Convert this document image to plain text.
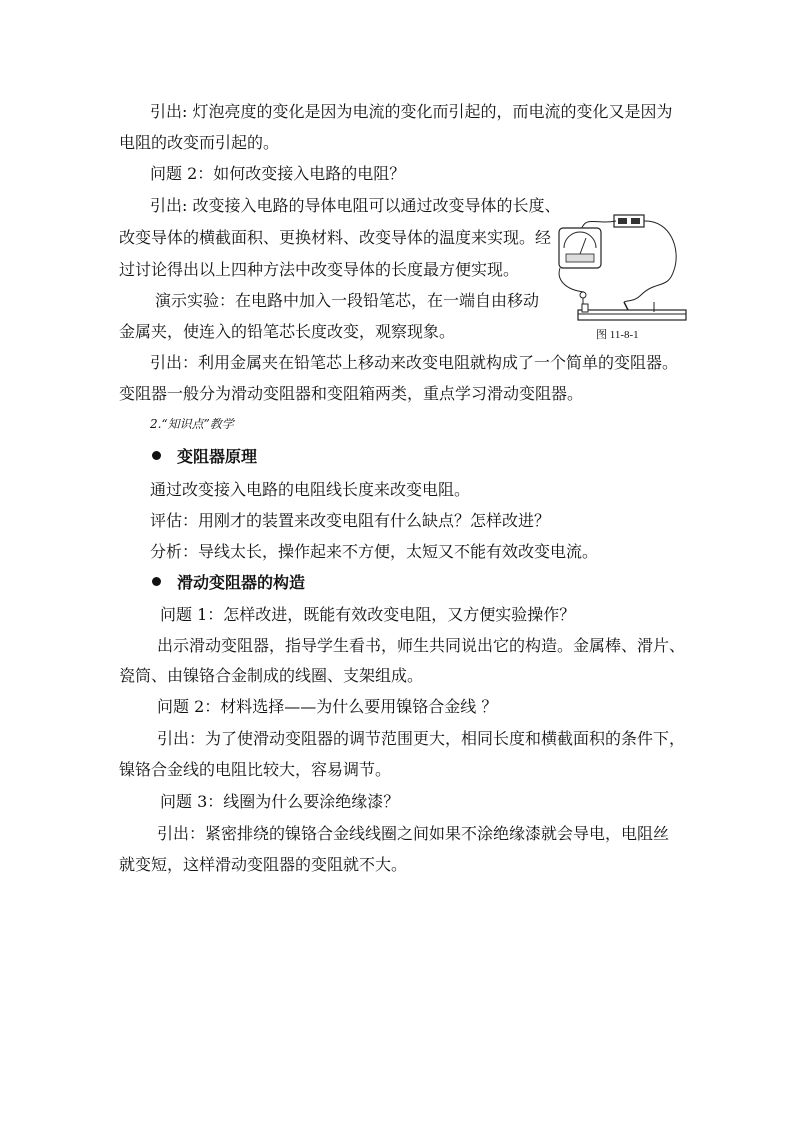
引出: 灯泡亮度的变化是因为电流的变化而引起的，而电流的变化又是因为
电阻的改变而引起的。
问题 2：如何改变接入电路的电阻？
引出: 改变接入电路的导体电阻可以通过改变导体的长度、
改变导体的横截面积、更换材料、改变导体的温度来实现。经
过讨论得出以上四种方法中改变导体的长度最方便实现。
演示实验：在电路中加入一段铅笔芯，在一端自由移动
金属夹，使连入的铅笔芯长度改变，观察现象。
引出：利用金属夹在铅笔芯上移动来改变电阻就构成了一个简单的变阻器。
变阻器一般分为滑动变阻器和变阻箱两类，重点学习滑动变阻器。
2.“知识点”教学
变阻器原理
通过改变接入电路的电阻线长度来改变电阻。
评估：用刚才的装置来改变电阻有什么缺点？怎样改进？
分析：导线太长，操作起来不方便，太短又不能有效改变电流。
滑动变阻器的构造
问题 1：怎样改进，既能有效改变电阻，又方便实验操作？
出示滑动变阻器，指导学生看书，师生共同说出它的构造。金属棒、滑片、
瓷筒、由镍铬合金制成的线圈、支架组成。
问题 2：材料选择——为什么要用镍铬合金线 ？
引出：为了使滑动变阻器的调节范围更大，相同长度和横截面积的条件下，
镍铬合金线的电阻比较大，容易调节。
问题 3：线圈为什么要涂绝缘漆？
引出：紧密排绕的镍铬合金线线圈之间如果不涂绝缘漆就会导电，电阻丝
就变短，这样滑动变阻器的变阻就不大。
图 11-8-1
